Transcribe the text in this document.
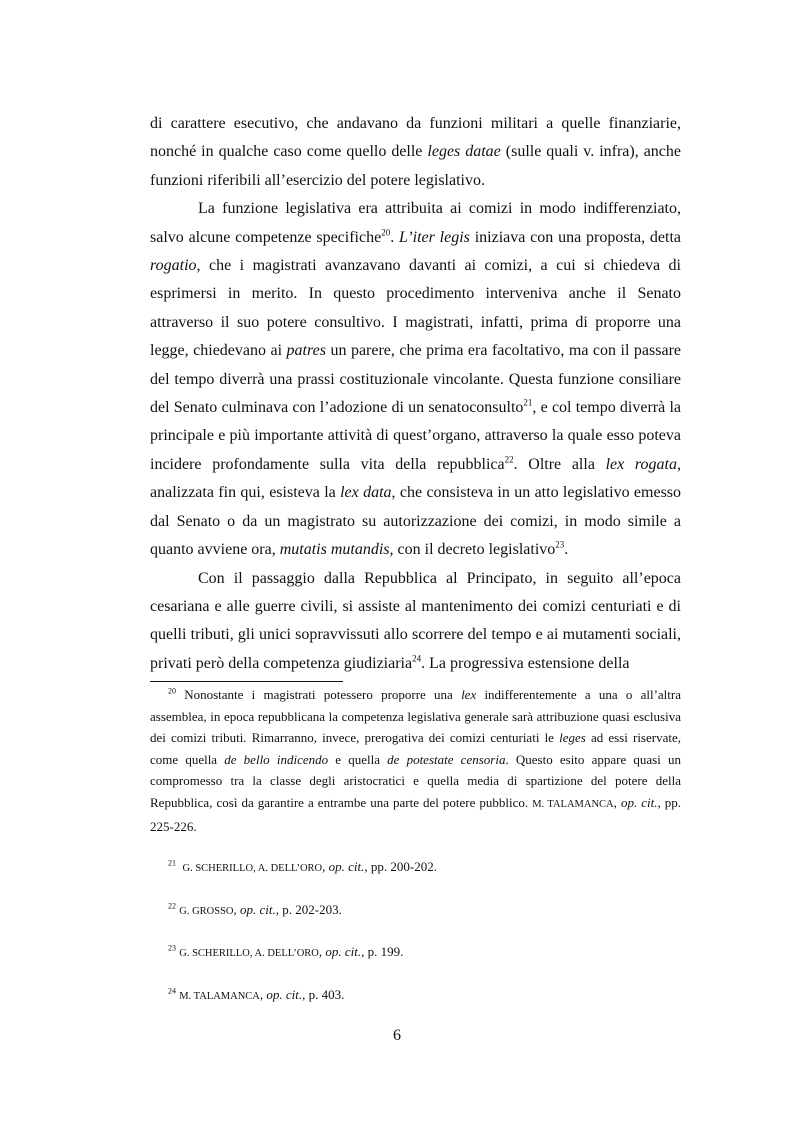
di carattere esecutivo, che andavano da funzioni militari a quelle finanziarie, nonché in qualche caso come quello delle leges datae (sulle quali v. infra), anche funzioni riferibili all’esercizio del potere legislativo.

La funzione legislativa era attribuita ai comizi in modo indifferenziato, salvo alcune competenze specifiche$^{20}$. L’iter legis iniziava con una proposta, detta rogatio, che i magistrati avanzavano davanti ai comizi, a cui si chiedeva di esprimersi in merito. In questo procedimento interveniva anche il Senato attraverso il suo potere consultivo. I magistrati, infatti, prima di proporre una legge, chiedevano ai patres un parere, che prima era facoltativo, ma con il passare del tempo diverrà una prassi costituzionale vincolante. Questa funzione consiliare del Senato culminava con l’adozione di un senatoconsulto$^{21}$, e col tempo diverrà la principale e più importante attività di quest’organo, attraverso la quale esso poteva incidere profondamente sulla vita della repubblica$^{22}$. Oltre alla lex rogata, analizzata fin qui, esisteva la lex data, che consisteva in un atto legislativo emesso dal Senato o da un magistrato su autorizzazione dei comizi, in modo simile a quanto avviene ora, mutatis mutandis, con il decreto legislativo$^{23}$.

Con il passaggio dalla Repubblica al Principato, in seguito all’epoca cesariana e alle guerre civili, si assiste al mantenimento dei comizi centuriati e di quelli tributi, gli unici sopravvissuti allo scorrere del tempo e ai mutamenti sociali, privati però della competenza giudiziaria$^{24}$. La progressiva estensione della

$^{20}$ Nonostante i magistrati potessero proporre una lex indifferentemente a una o all’altra assemblea, in epoca repubblicana la competenza legislativa generale sarà attribuzione quasi esclusiva dei comizi tributi. Rimarranno, invece, prerogativa dei comizi centuriati le leges ad essi riservate, come quella de bello indicendo e quella de potestate censoria. Questo esito appare quasi un compromesso tra la classe degli aristocratici e quella media di spartizione del potere della Repubblica, così da garantire a entrambe una parte del potere pubblico. M. TALAMANCA, op. cit., pp. 225-226.

$^{21}$ G. SCHERILLO, A. DELL’ORO, op. cit., pp. 200-202.

$^{22}$ G. GROSSO, op. cit., p. 202-203.

$^{23}$ G. SCHERILLO, A. DELL’ORO, op. cit., p. 199.

$^{24}$ M. TALAMANCA, op. cit., p. 403.

6
